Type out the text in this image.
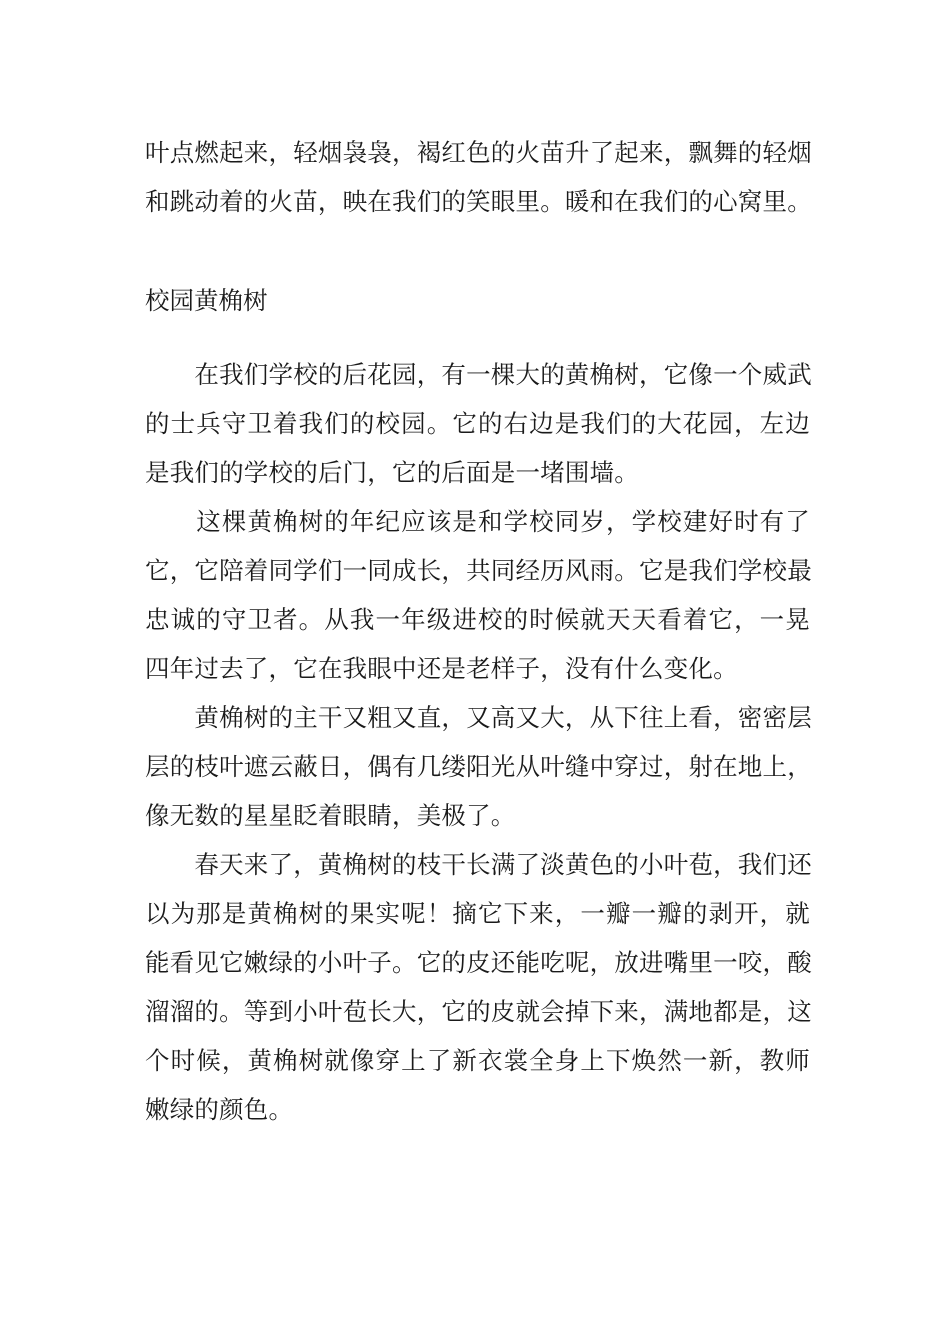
叶点燃起来，轻烟袅袅，褐红色的火苗升了起来，飘舞的轻烟
和跳动着的火苗，映在我们的笑眼里。暖和在我们的心窝里。
校园黄桷树
　　在我们学校的后花园，有一棵大的黄桷树，它像一个威武
的士兵守卫着我们的校园。它的右边是我们的大花园，左边
是我们的学校的后门，它的后面是一堵围墙。
　　这棵黄桷树的年纪应该是和学校同岁，学校建好时有了
它，它陪着同学们一同成长，共同经历风雨。它是我们学校最
忠诚的守卫者。从我一年级进校的时候就天天看着它，一晃
四年过去了，它在我眼中还是老样子，没有什么变化。
　　黄桷树的主干又粗又直，又高又大，从下往上看，密密层
层的枝叶遮云蔽日，偶有几缕阳光从叶缝中穿过，射在地上，
像无数的星星眨着眼睛，美极了。
　　春天来了，黄桷树的枝干长满了淡黄色的小叶苞，我们还
以为那是黄桷树的果实呢！摘它下来，一瓣一瓣的剥开，就
能看见它嫩绿的小叶子。它的皮还能吃呢，放进嘴里一咬，酸
溜溜的。等到小叶苞长大，它的皮就会掉下来，满地都是，这
个时候，黄桷树就像穿上了新衣裳全身上下焕然一新，教师
嫩绿的颜色。
